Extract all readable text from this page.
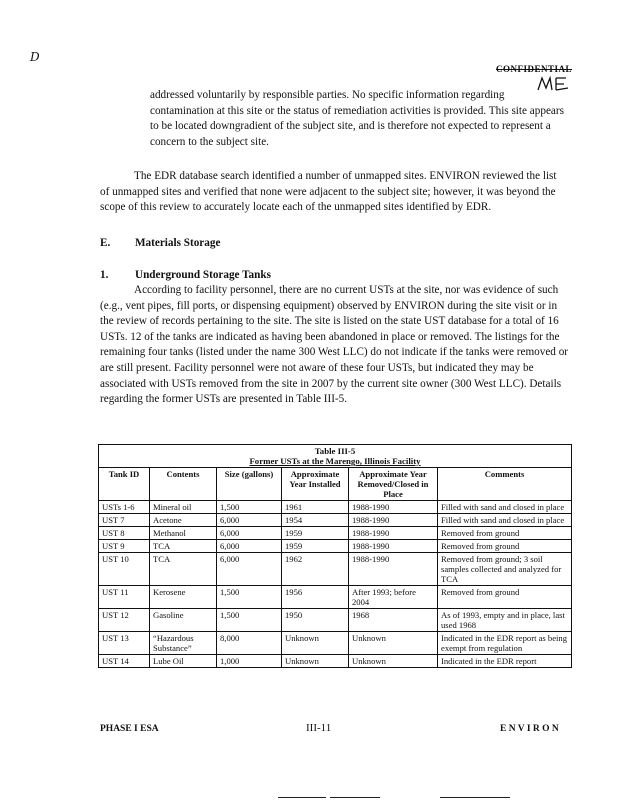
D
CONFIDENTIAL

addressed voluntarily by responsible parties. No specific information regarding contamination at this site or the status of remediation activities is provided. This site appears to be located downgradient of the subject site, and is therefore not expected to represent a concern to the subject site.

The EDR database search identified a number of unmapped sites. ENVIRON reviewed the list of unmapped sites and verified that none were adjacent to the subject site; however, it was beyond the scope of this review to accurately locate each of the unmapped sites identified by EDR.

E. Materials Storage
1. Underground Storage Tanks

According to facility personnel, there are no current USTs at the site, nor was evidence of such (e.g., vent pipes, fill ports, or dispensing equipment) observed by ENVIRON during the site visit or in the review of records pertaining to the site. The site is listed on the state UST database for a total of 16 USTs. 12 of the tanks are indicated as having been abandoned in place or removed. The listings for the remaining four tanks (listed under the name 300 West LLC) do not indicate if the tanks were removed or are still present. Facility personnel were not aware of these four USTs, but indicated they may be associated with USTs removed from the site in 2007 by the current site owner (300 West LLC). Details regarding the former USTs are presented in Table III-5.

Table III-5
Former USTs at the Marengo, Illinois Facility					

Tank ID	Contents	Size (gallons)	Approximate Year Installed	Approximate Year Removed/Closed in Place	Comments
USTs 1-6	Mineral oil	1,500	1961	1988-1990	Filled with sand and closed in place
UST 7	Acetone	6,000	1954	1988-1990	Filled with sand and closed in place
UST 8	Methanol	6,000	1959	1988-1990	Removed from ground
UST 9	TCA	6,000	1959	1988-1990	Removed from ground
UST 10	TCA	6,000	1962	1988-1990	Removed from ground; 3 soil samples collected and analyzed for TCA
UST 11	Kerosene	1,500	1956	After 1993; before 2004	Removed from ground
UST 12	Gasoline	1,500	1950	1968	As of 1993, empty and in place, last used 1968
UST 13	“Hazardous Substance”	8,000	Unknown	Unknown	Indicated in the EDR report as being exempt from regulation
UST 14	Lube Oil	1,000	Unknown	Unknown	Indicated in the EDR report
PHASE I ESA	III-11	E N V I R O N
